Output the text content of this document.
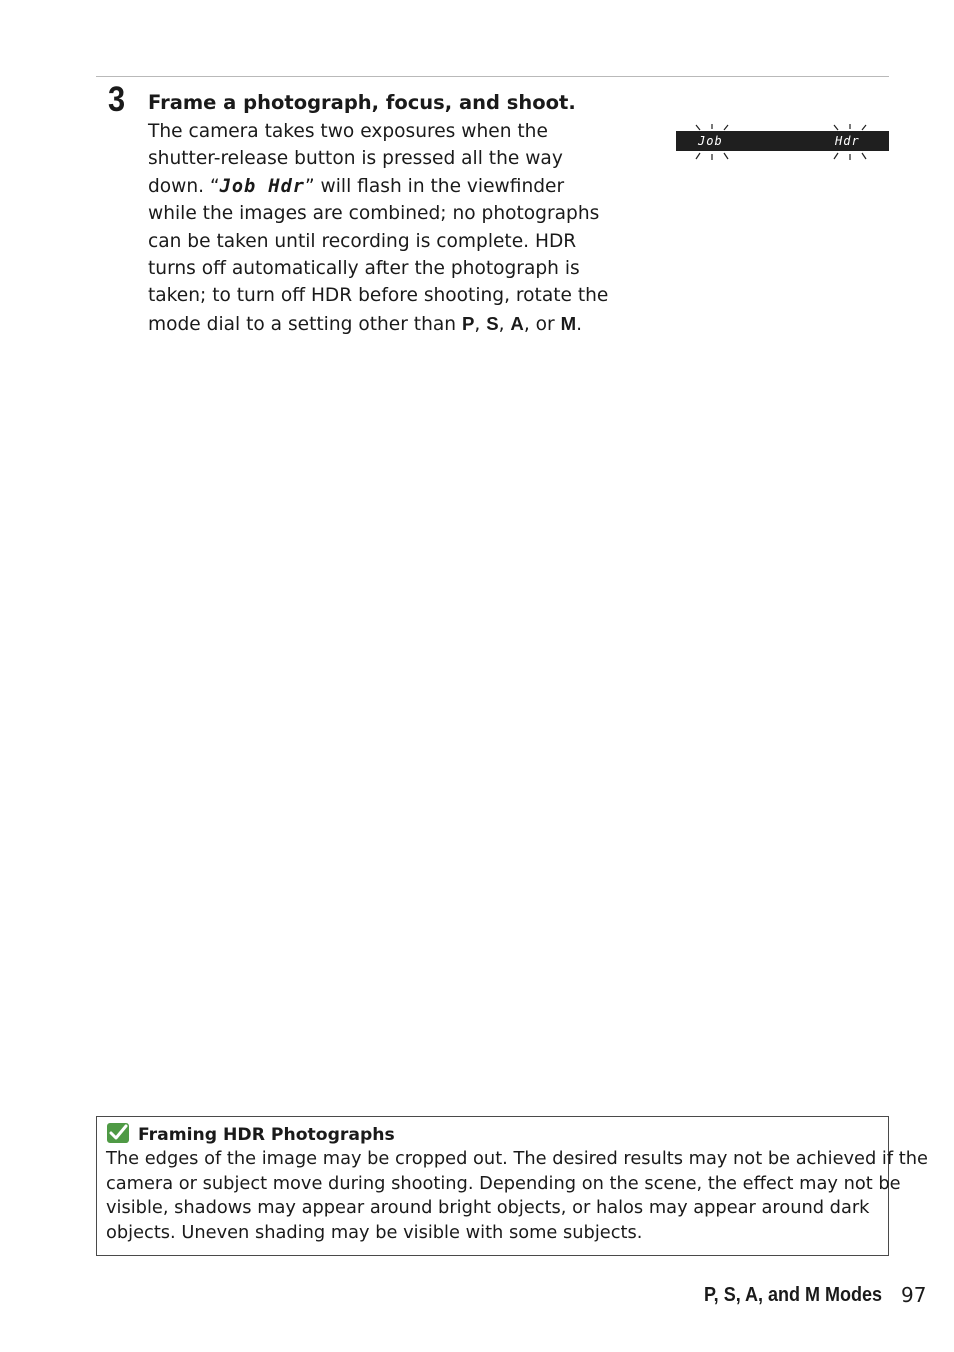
3 Frame a photograph, focus, and shoot.
The camera takes two exposures when the
shutter-release button is pressed all the way
down. “Job Hdr” will flash in the viewfinder
while the images are combined; no photographs
can be taken until recording is complete. HDR
turns off automatically after the photograph is
taken; to turn off HDR before shooting, rotate the
mode dial to a setting other than P, S, A, or M.
Job	Hdr
Framing HDR Photographs
The edges of the image may be cropped out. The desired results may not be achieved if the
camera or subject move during shooting. Depending on the scene, the effect may not be
visible, shadows may appear around bright objects, or halos may appear around dark
objects. Uneven shading may be visible with some subjects.
P, S, A, and M Modes 97
